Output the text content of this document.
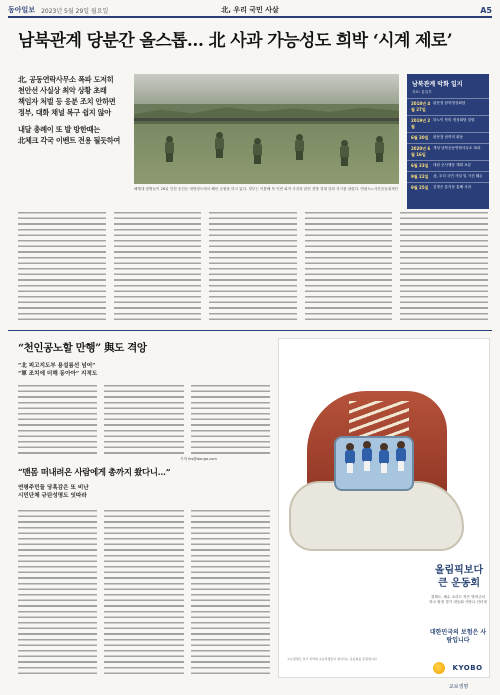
동아일보 2023년 5월 29일 월요일	北, 우리 국민 사살	A5
남북관계 당분간 올스톱… 北 사과 가능성도 희박 ‘시계 제로’

北, 공동연락사무소 폭파 도저히

천안선 사실상 최악 상황 초래

책임자 처벌 등 응분 조치 안하면

정부, 대화 채널 복구 쉽지 않아

내달 총례이 또 발 방한때는

北체크 각국 이벤트 전용 될듯하여

해병대 장병들이 26일 인천 옹진군 대연평도에서 해안 순찰을 하고 있다. 정부는 이틀째 북 이번 피격 사건과 관련 전방 경계 강화 지시를 내렸다. 연평도=사진공동취재단
남북관계 악화 일지
자료: 통일부
2018년 4월 27일
판문점 남북정상회담
2019년 2월
하노이 북미 정상회담 결렬
6월 30일	판문점 남북미 회동
2020년 6월 16일
개성 남북공동연락사무소 폭파
6월 23일	대남 군사행동 계획 보류
9월 22일	北, 우리 국민 사살 및 시신 훼손
9월 25일	김정은 통지문 통해 사과
“천인공노할 만행” 與도 격앙
“北 피고지도부 용설름선 넘어”
“軍 조치에 더해 동아아” 지적도
기자 ihs@donga.com
“맨몸 떠내려온 사람에게 총까지 쐈다니…”
연평주민들 당혹감은 또 비난
시민단체 규탄성명도 잇따라
올림픽보다 큰 운동회
경제도, 배수 소리도 작은 방학주의 학교 원정 경기 대동회 사랑나 인터넷
대한민국의 보험은 사람입니다
교보생명은 전국 지역의 초등학생들이 참여하는 운동회를 후원합니다
KYOBO 교보생명
